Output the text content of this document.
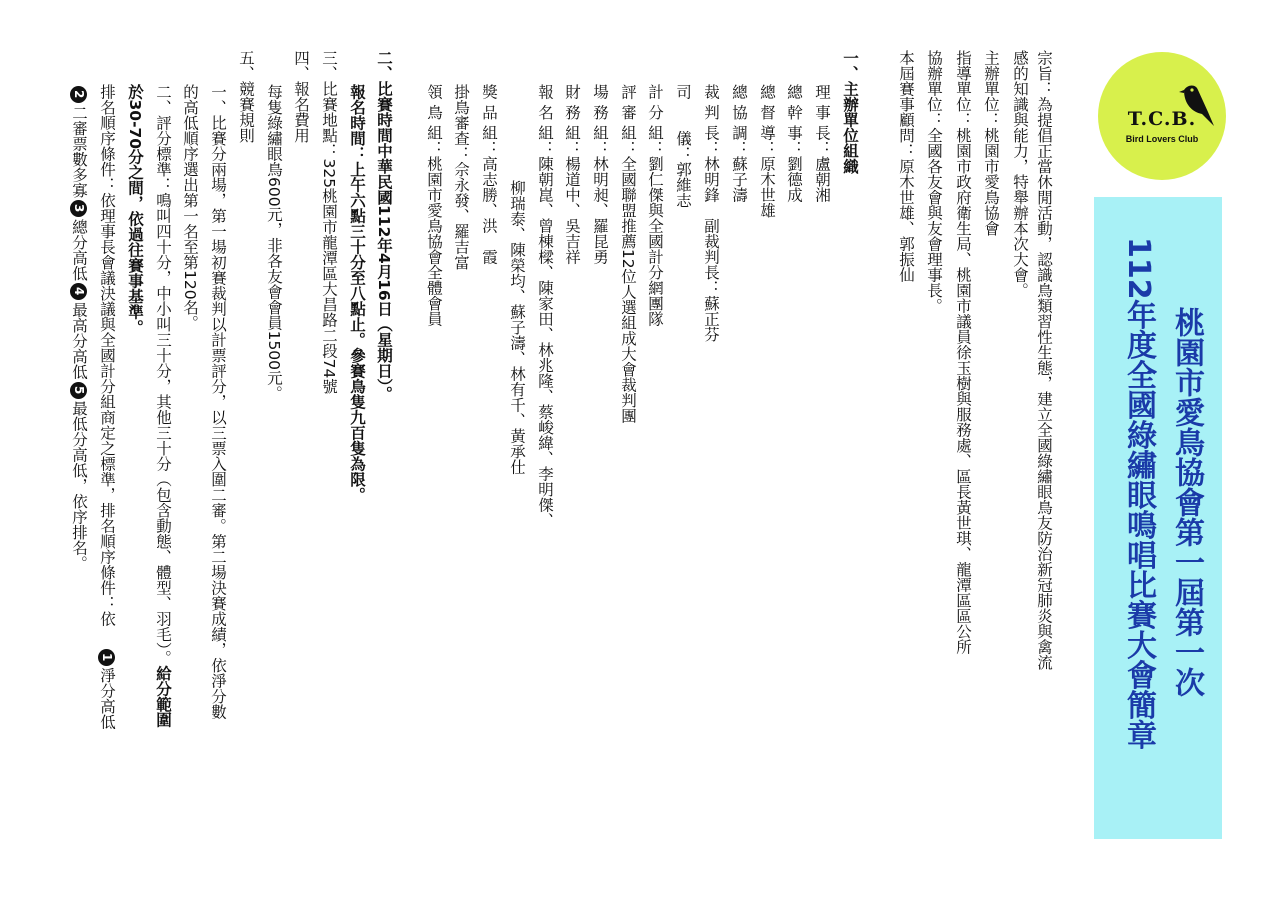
T.C.B.
Bird Lovers Club
桃園市愛鳥協會第一屆第一次
112年度全國綠繡眼鳴唱比賽大會簡章
宗旨：為提倡正當休閒活動，認識鳥類習性生態，建立全國綠繡眼鳥友防治新冠肺炎與禽流
感的知識與能力，特舉辦本次大會。
主辦單位：桃園市愛鳥協會
指導單位：桃園市政府衛生局、桃園市議員徐玉樹與服務處、區長黃世琪、龍潭區區公所
協辦單位：全國各友會與友會理事長。
本屆賽事顧問：原木世雄、郭振仙
一、主辦單位組織
理 事 長：盧朝湘
總 幹 事：劉德成
總 督 導：原木世雄
總 協 調：蘇子濤
裁 判 長：林明鋒　副裁判長：蘇正芬
司　　儀：郭維志
計 分 組：劉仁傑與全國計分網團隊
評 審 組：全國聯盟推薦12位人選組成大會裁判團
場 務 組：林明昶、羅昆勇
財 務 組：楊道中、吳吉祥
報 名 組：陳朝崑、曾棟樑、陳家田、林兆隆、蔡峻緯、李明傑、
柳瑞泰、陳榮均、蘇子濤、林有千、黃承仕
獎 品 組：高志勝、洪　霞
掛鳥審查：佘永發、羅吉富
領 鳥 組：桃園市愛鳥協會全體會員
二、比賽時間中華民國112年4月16日（星期日）。
報名時間：上午六點三十分至八點止。參賽鳥隻九百隻為限。
三、比賽地點：325桃園市龍潭區大昌路二段74號
四、報名費用
每隻綠繡眼鳥600元，非各友會會員1500元。
五、競賽規則
一、比賽分兩場，第一場初賽裁判以計票評分，以三票入圍二審。第二場決賽成績，依淨分數
的高低順序選出第一名至第120名。
二、評分標準：鳴叫四十分，中小叫三十分，其他三十分（包含動態、體型、羽毛）。給分範圍
於30-70分之間，依過往賽事基準。
排名順序條件：依理事長會議決議與全國計分組商定之標準，排名順序條件：依1淨分高低
2二審票數多寡3總分高低4最高分高低5最低分高低，依序排名。
